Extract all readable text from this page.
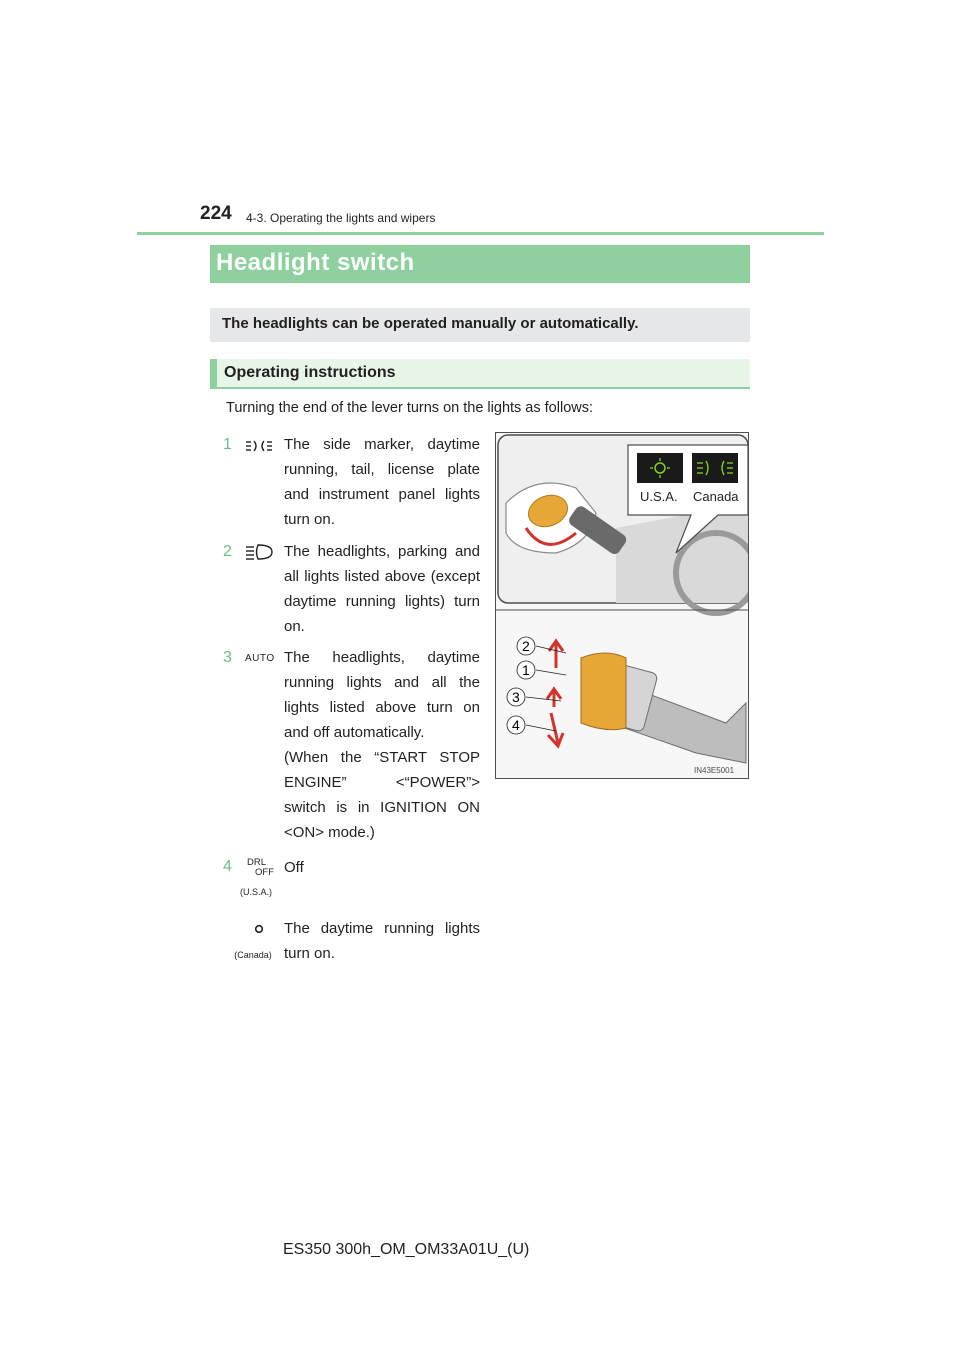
224 4-3. Operating the lights and wipers
Headlight switch
The headlights can be operated manually or automatically.
Operating instructions
Turning the end of the lever turns on the lights as follows:
1	The side marker, daytime running, tail, license plate and instrument panel lights turn on.
2	The headlights, parking and all lights listed above (except daytime running lights) turn on.
3 AUTO The headlights, daytime running lights and all the lights listed above turn on and off automatically.
(When the “START STOP ENGINE” <“POWER”> switch is in IGNITION ON <ON> mode.)
4 DRL
OFF
(U.S.A.)
Off
(Canada)
The daytime running lights turn on.
U.S.A. Canada
2
1
3
4
IN43E5001
ES350 300h_OM_OM33A01U_(U)
